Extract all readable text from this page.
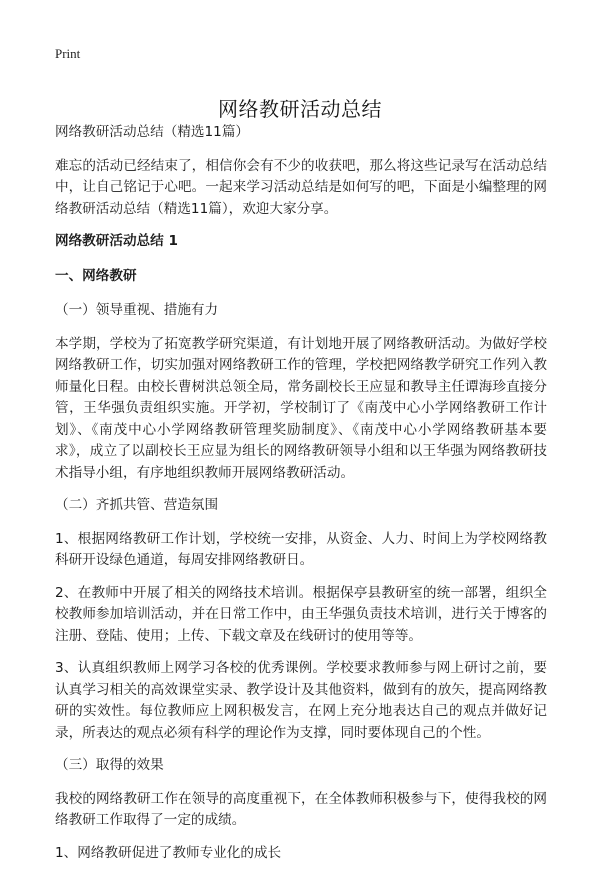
Print
网络教研活动总结

网络教研活动总结（精选11篇）

难忘的活动已经结束了，相信你会有不少的收获吧，那么将这些记录写在活动总结中，让自己铭记于心吧。一起来学习活动总结是如何写的吧，下面是小编整理的网络教研活动总结（精选11篇），欢迎大家分享。

网络教研活动总结 1

一、网络教研

（一）领导重视、措施有力

本学期，学校为了拓宽教学研究渠道，有计划地开展了网络教研活动。为做好学校网络教研工作，切实加强对网络教研工作的管理，学校把网络教学研究工作列入教师量化日程。由校长曹树洪总领全局，常务副校长王应显和教导主任谭海珍直接分管，王华强负责组织实施。开学初，学校制订了《南茂中心小学网络教研工作计划》、《南茂中心小学网络教研管理奖励制度》、《南茂中心小学网络教研基本要求》，成立了以副校长王应显为组长的网络教研领导小组和以王华强为网络教研技术指导小组，有序地组织教师开展网络教研活动。

（二）齐抓共管、营造氛围

1、根据网络教研工作计划，学校统一安排，从资金、人力、时间上为学校网络教科研开设绿色通道，每周安排网络教研日。

2、在教师中开展了相关的网络技术培训。根据保亭县教研室的统一部署，组织全校教师参加培训活动，并在日常工作中，由王华强负责技术培训，进行关于博客的注册、登陆、使用；上传、下载文章及在线研讨的使用等等。

3、认真组织教师上网学习各校的优秀课例。学校要求教师参与网上研讨之前，要认真学习相关的高效课堂实录、教学设计及其他资料，做到有的放矢，提高网络教研的实效性。每位教师应上网积极发言，在网上充分地表达自己的观点并做好记录，所表达的观点必须有科学的理论作为支撑，同时要体现自己的个性。

（三）取得的效果

我校的网络教研工作在领导的高度重视下，在全体教师积极参与下，使得我校的网络教研工作取得了一定的成绩。

1、网络教研促进了教师专业化的成长
